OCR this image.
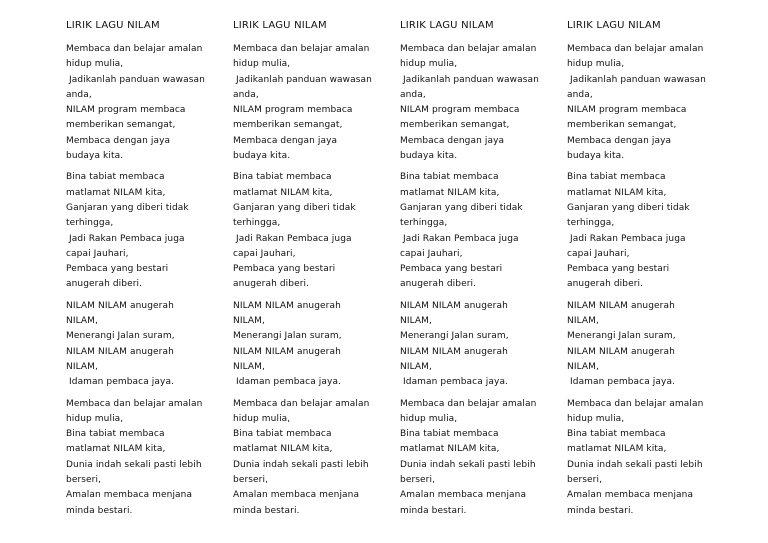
LIRIK LAGU NILAM
Membaca dan belajar amalan
hidup mulia,
Jadikanlah panduan wawasan
anda,
NILAM program membaca
memberikan semangat,
Membaca dengan jaya
budaya kita.
Bina tabiat membaca
matlamat NILAM kita,
Ganjaran yang diberi tidak
terhingga,
Jadi Rakan Pembaca juga
capai Jauhari,
Pembaca yang bestari
anugerah diberi.
NILAM NILAM anugerah
NILAM,
Menerangi Jalan suram,
NILAM NILAM anugerah
NILAM,
Idaman pembaca jaya.
Membaca dan belajar amalan
hidup mulia,
Bina tabiat membaca
matlamat NILAM kita,
Dunia indah sekali pasti lebih
berseri,
Amalan membaca menjana
minda bestari.
LIRIK LAGU NILAM
Membaca dan belajar amalan
hidup mulia,
Jadikanlah panduan wawasan
anda,
NILAM program membaca
memberikan semangat,
Membaca dengan jaya
budaya kita.
Bina tabiat membaca
matlamat NILAM kita,
Ganjaran yang diberi tidak
terhingga,
Jadi Rakan Pembaca juga
capai Jauhari,
Pembaca yang bestari
anugerah diberi.
NILAM NILAM anugerah
NILAM,
Menerangi Jalan suram,
NILAM NILAM anugerah
NILAM,
Idaman pembaca jaya.
Membaca dan belajar amalan
hidup mulia,
Bina tabiat membaca
matlamat NILAM kita,
Dunia indah sekali pasti lebih
berseri,
Amalan membaca menjana
minda bestari.
LIRIK LAGU NILAM
Membaca dan belajar amalan
hidup mulia,
Jadikanlah panduan wawasan
anda,
NILAM program membaca
memberikan semangat,
Membaca dengan jaya
budaya kita.
Bina tabiat membaca
matlamat NILAM kita,
Ganjaran yang diberi tidak
terhingga,
Jadi Rakan Pembaca juga
capai Jauhari,
Pembaca yang bestari
anugerah diberi.
NILAM NILAM anugerah
NILAM,
Menerangi Jalan suram,
NILAM NILAM anugerah
NILAM,
Idaman pembaca jaya.
Membaca dan belajar amalan
hidup mulia,
Bina tabiat membaca
matlamat NILAM kita,
Dunia indah sekali pasti lebih
berseri,
Amalan membaca menjana
minda bestari.
LIRIK LAGU NILAM
Membaca dan belajar amalan
hidup mulia,
Jadikanlah panduan wawasan
anda,
NILAM program membaca
memberikan semangat,
Membaca dengan jaya
budaya kita.
Bina tabiat membaca
matlamat NILAM kita,
Ganjaran yang diberi tidak
terhingga,
Jadi Rakan Pembaca juga
capai Jauhari,
Pembaca yang bestari
anugerah diberi.
NILAM NILAM anugerah
NILAM,
Menerangi Jalan suram,
NILAM NILAM anugerah
NILAM,
Idaman pembaca jaya.
Membaca dan belajar amalan
hidup mulia,
Bina tabiat membaca
matlamat NILAM kita,
Dunia indah sekali pasti lebih
berseri,
Amalan membaca menjana
minda bestari.
